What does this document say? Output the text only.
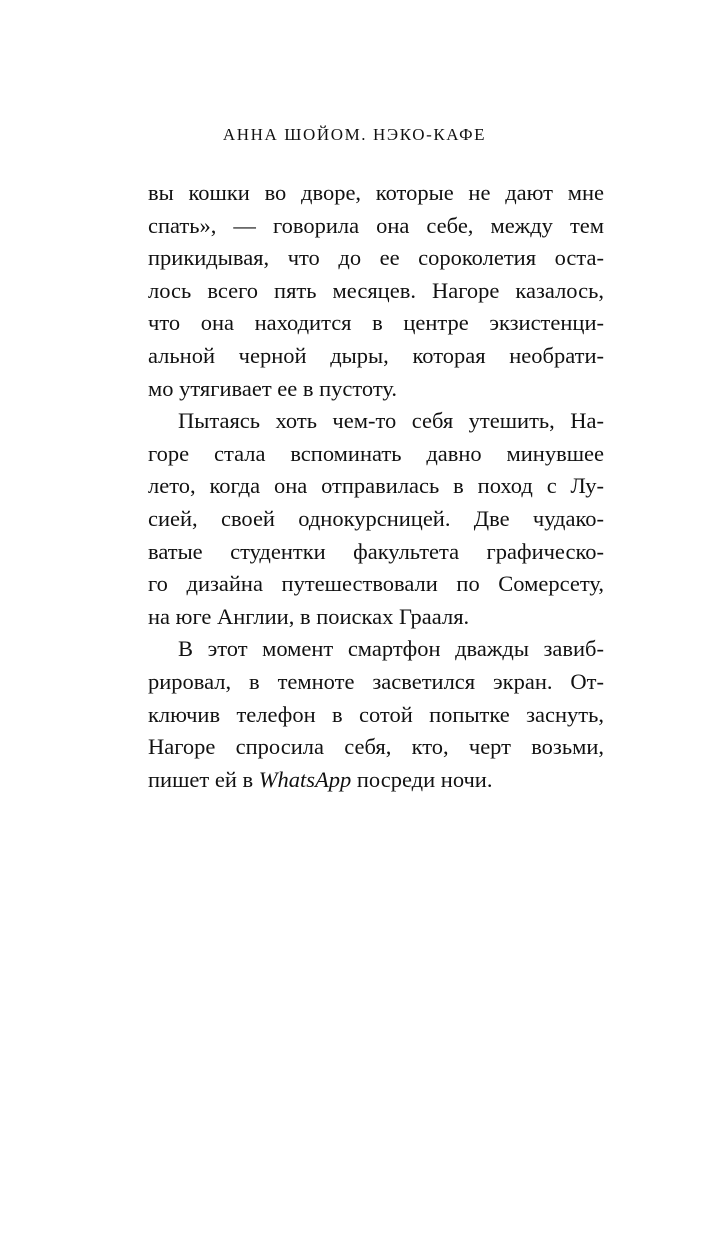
АННА ШОЙОМ. НЭКО-КАФЕ
вы кошки во дворе, которые не дают мне
спать», — говорила она себе, между тем
прикидывая, что до ее сороколетия оста-
лось всего пять месяцев. Нагоре казалось,
что она находится в центре экзистенци-
альной черной дыры, которая необрати-
мо утягивает ее в пустоту.
Пытаясь хоть чем-то себя утешить, На-
горе стала вспоминать давно минувшее
лето, когда она отправилась в поход с Лу-
сией, своей однокурсницей. Две чудако-
ватые студентки факультета графическо-
го дизайна путешествовали по Сомерсету,
на юге Англии, в поисках Грааля.
В этот момент смартфон дважды завиб-
рировал, в темноте засветился экран. От-
ключив телефон в сотой попытке заснуть,
Нагоре спросила себя, кто, черт возьми,
пишет ей в WhatsApp посреди ночи.
